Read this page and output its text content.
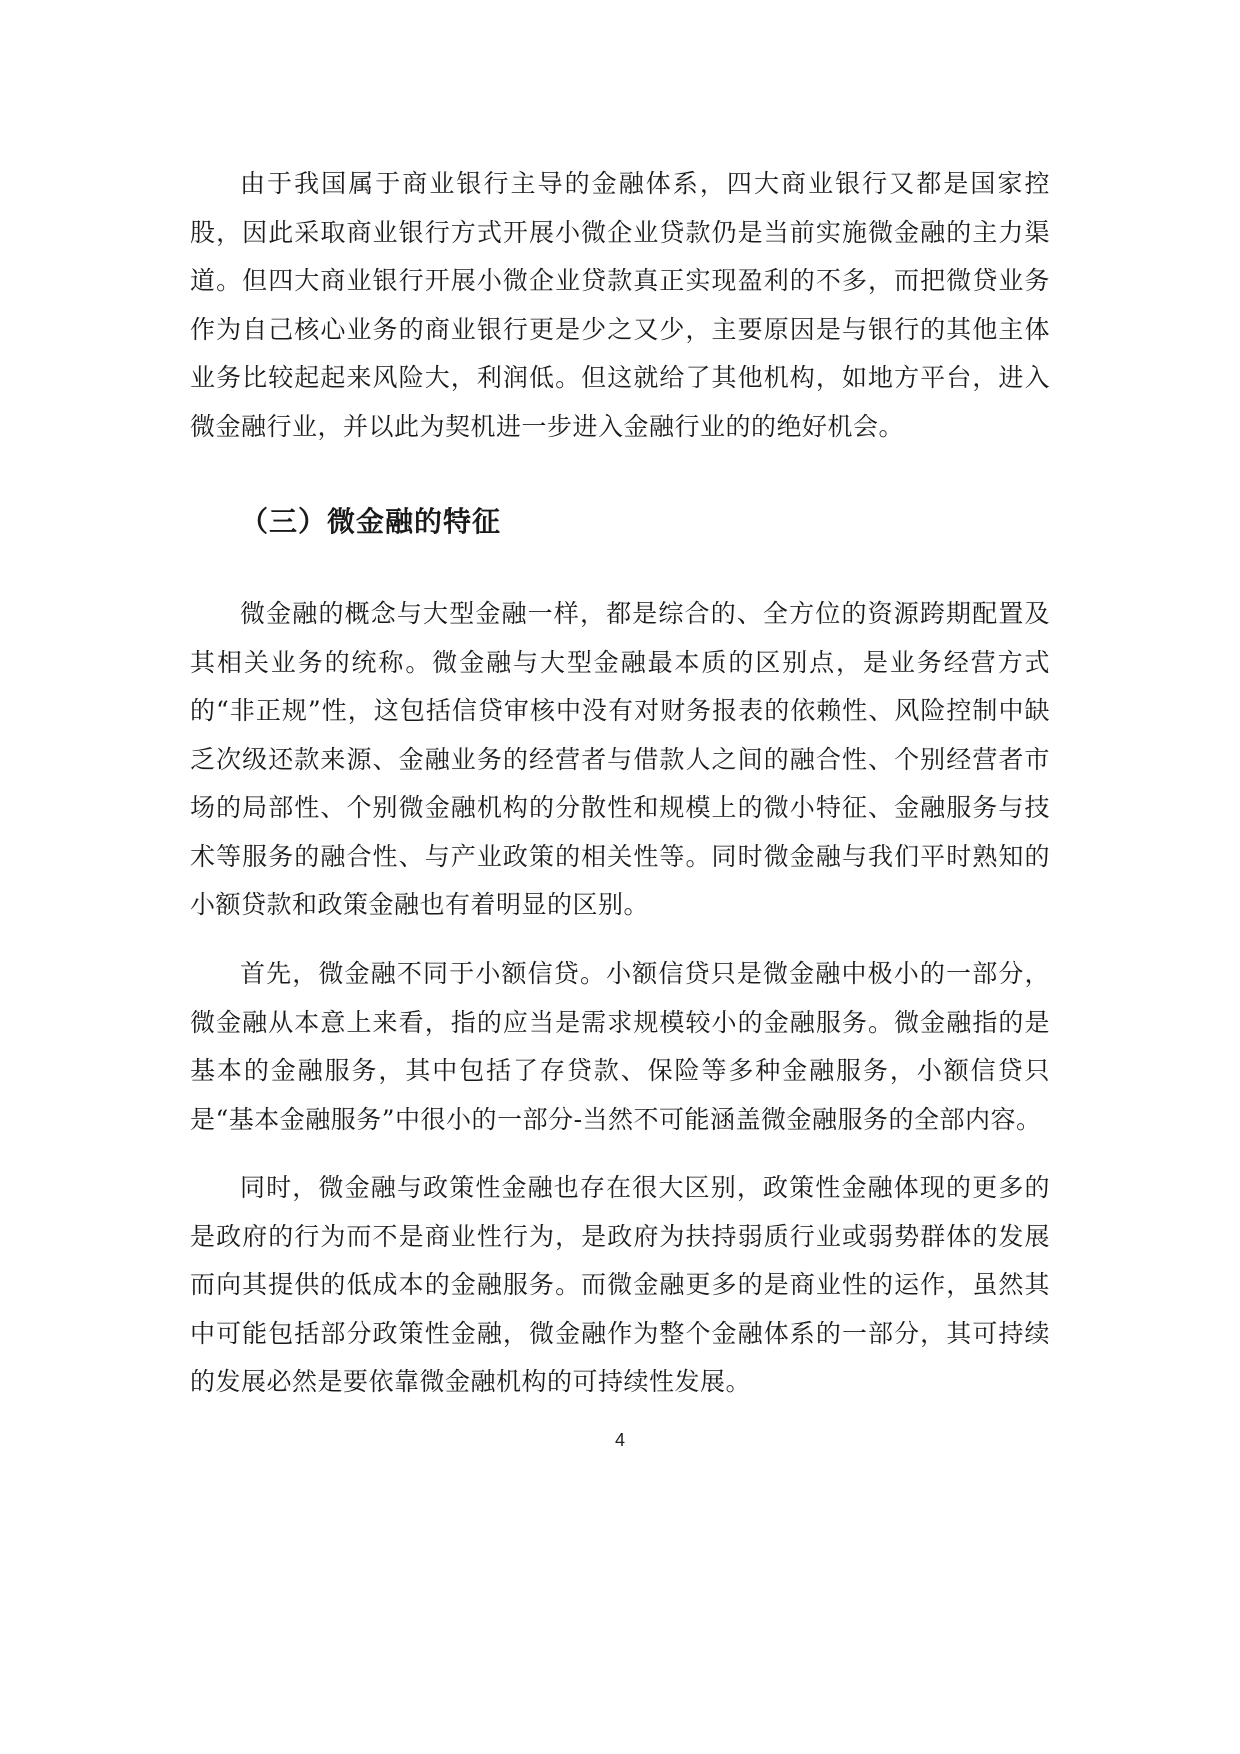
由于我国属于商业银行主导的金融体系，四大商业银行又都是国家控股，因此采取商业银行方式开展小微企业贷款仍是当前实施微金融的主力渠道。但四大商业银行开展小微企业贷款真正实现盈利的不多，而把微贷业务作为自己核心业务的商业银行更是少之又少，主要原因是与银行的其他主体业务比较起起来风险大，利润低。但这就给了其他机构，如地方平台，进入微金融行业，并以此为契机进一步进入金融行业的的绝好机会。

（三）微金融的特征

微金融的概念与大型金融一样，都是综合的、全方位的资源跨期配置及其相关业务的统称。微金融与大型金融最本质的区别点，是业务经营方式的“非正规”性，这包括信贷审核中没有对财务报表的依赖性、风险控制中缺乏次级还款来源、金融业务的经营者与借款人之间的融合性、个别经营者市场的局部性、个别微金融机构的分散性和规模上的微小特征、金融服务与技术等服务的融合性、与产业政策的相关性等。同时微金融与我们平时熟知的小额贷款和政策金融也有着明显的区别。

首先，微金融不同于小额信贷。小额信贷只是微金融中极小的一部分，微金融从本意上来看，指的应当是需求规模较小的金融服务。微金融指的是基本的金融服务，其中包括了存贷款、保险等多种金融服务，小额信贷只是“基本金融服务”中很小的一部分-当然不可能涵盖微金融服务的全部内容。

同时，微金融与政策性金融也存在很大区别，政策性金融体现的更多的是政府的行为而不是商业性行为，是政府为扶持弱质行业或弱势群体的发展而向其提供的低成本的金融服务。而微金融更多的是商业性的运作，虽然其中可能包括部分政策性金融，微金融作为整个金融体系的一部分，其可持续的发展必然是要依靠微金融机构的可持续性发展。

4
